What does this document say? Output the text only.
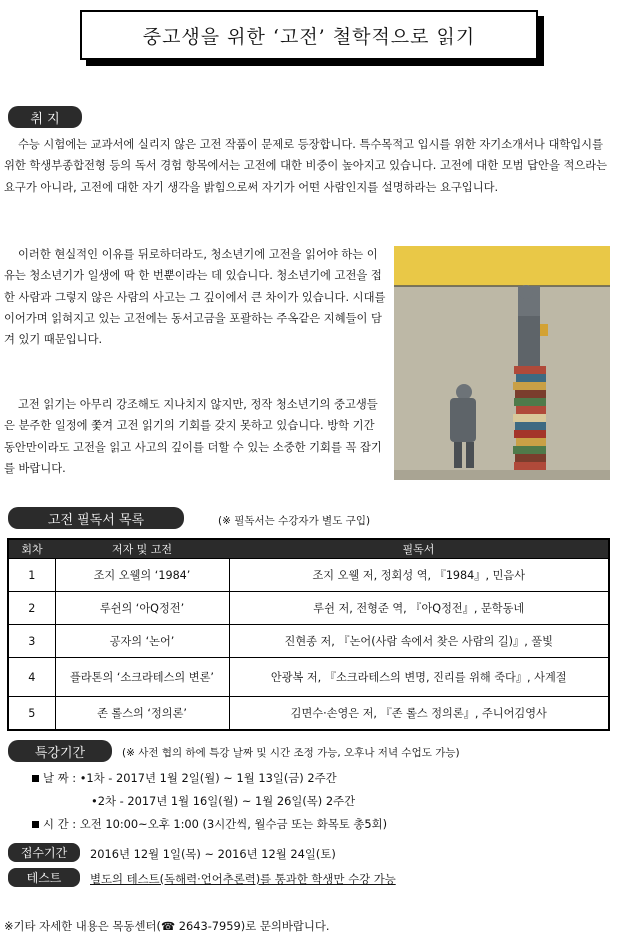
중고생을 위한 ‘고전’ 철학적으로 읽기
취 지

수능 시험에는 교과서에 실리지 않은 고전 작품이 문제로 등장합니다. 특수목적고 입시를 위한 자기소개서나 대학입시를 위한 학생부종합전형 등의 독서 경험 항목에서는 고전에 대한 비중이 높아지고 있습니다. 고전에 대한 모범 답안을 적으라는 요구가 아니라, 고전에 대한 자기 생각을 밝힘으로써 자기가 어떤 사람인지를 설명하라는 요구입니다.

이러한 현실적인 이유를 뒤로하더라도, 청소년기에 고전을 읽어야 하는 이유는 청소년기가 일생에 딱 한 번뿐이라는 데 있습니다. 청소년기에 고전을 접한 사람과 그렇지 않은 사람의 사고는 그 깊이에서 큰 차이가 있습니다. 시대를 이어가며 읽혀지고 있는 고전에는 동서고금을 포괄하는 주옥같은 지혜들이 담겨 있기 때문입니다.

고전 읽기는 아무리 강조해도 지나치지 않지만, 정작 청소년기의 중고생들은 분주한 일정에 쫓겨 고전 읽기의 기회를 갖지 못하고 있습니다. 방학 기간 동안만이라도 고전을 읽고 사고의 깊이를 더할 수 있는 소중한 기회를 꼭 잡기를 바랍니다.

고전 필독서 목록	(※ 필독서는 수강자가 별도 구입)
회차	저자 및 고전	필독서
1	조지 오웰의 ‘1984’	조지 오웰 저, 정회성 역, 『1984』, 민음사
2	루쉰의 ‘아Q정전’	루쉰 저, 전형준 역, 『아Q정전』, 문학동네
3	공자의 ‘논어’	진현종 저, 『논어(사람 속에서 찾은 사람의 길)』, 풀빛
4	플라톤의 ‘소크라테스의 변론’	안광복 저, 『소크라테스의 변명, 진리를 위해 죽다』, 사계절
5	존 롤스의 ‘정의론’	김면수·손영은 저, 『존 롤스 정의론』, 주니어김영사
특강기간	(※ 사전 협의 하에 특강 날짜 및 시간 조정 가능, 오후나 저녁 수업도 가능)
날 짜 : •1차 - 2017년 1월 2일(월) ~ 1월 13일(금) 2주간
•2차 - 2017년 1월 16일(월) ~ 1월 26일(목) 2주간
시 간 : 오전 10:00~오후 1:00 (3시간씩, 월수금 또는 화목토 총5회)
접수기간	2016년 12월 1일(목) ~ 2016년 12월 24일(토)
테스트	별도의 테스트(독해력·언어추론력)를 통과한 학생만 수강 가능
※기타 자세한 내용은 목동센터(☎ 2643-7959)로 문의바랍니다.
